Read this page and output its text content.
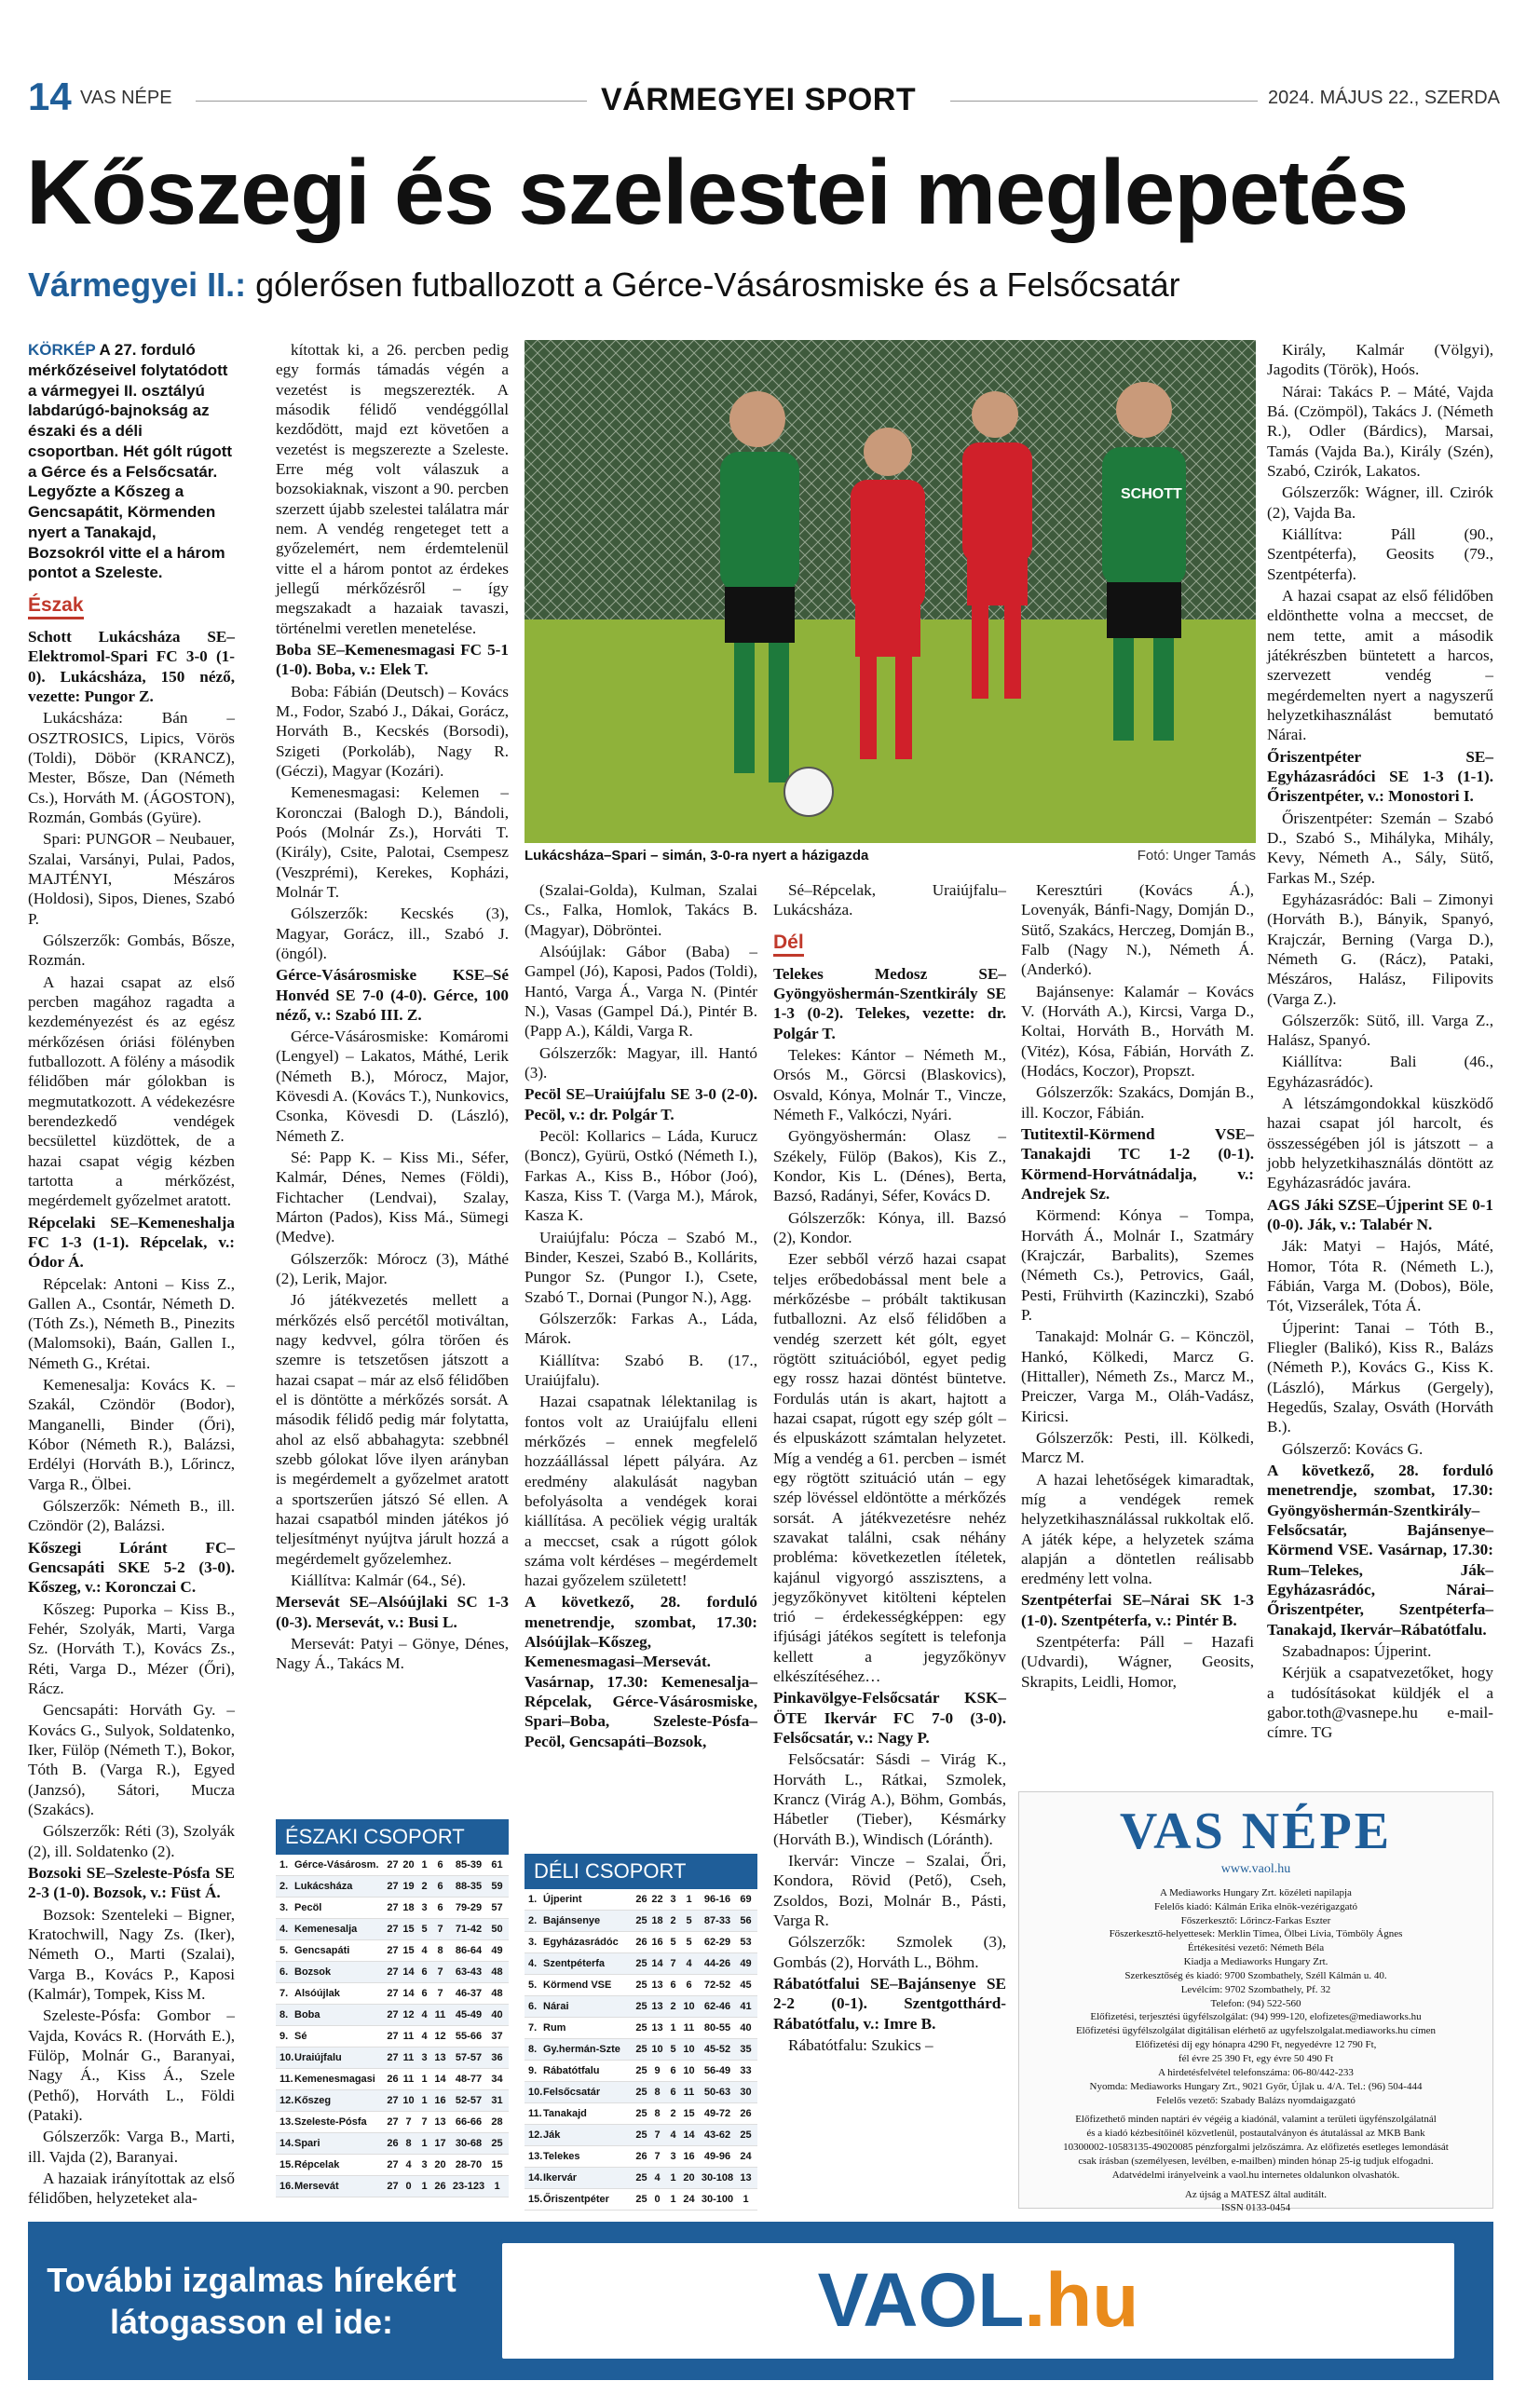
14 VAS NÉPE	VÁRMEGYEI SPORT	2024. MÁJUS 22., SZERDA
Kőszegi és szelestei meglepetés
Vármegyei II.: gólerősen futballozott a Gérce-Vásárosmiske és a Felsőcsatár

KÖRKÉP A 27. forduló mérkőzéseivel folytatódott a vármegyei II. osztályú labdarúgó-bajnokság az északi és a déli csoportban. Hét gólt rúgott a Gérce és a Felsőcsatár. Legyőzte a Kőszeg a Gencsapátit, Körmenden nyert a Tanakajd, Bozsokról vitte el a három pontot a Szeleste.

Észak

Schott Lukácsháza SE–Elektromol-Spari FC 3-0 (1-0). Lukácsháza, 150 néző, vezette: Pungor Z.

Lukácsháza: Bán – OSZTROSICS, Lipics, Vörös (Toldi), Döbör (KRANCZ), Mester, Bősze, Dan (Németh Cs.), Horváth M. (ÁGOSTON), Rozmán, Gombás (Gyüre).

Spari: PUNGOR – Neubauer, Szalai, Varsányi, Pulai, Pados, MAJTÉNYI, Mészáros (Holdosi), Sipos, Dienes, Szabó P.

Gólszerzők: Gombás, Bősze, Rozmán.

A hazai csapat az első percben magához ragadta a kezdeményezést és az egész mérkőzésen óriási fölényben futballozott. A fölény a második félidőben már gólokban is megmutatkozott. A védekezésre berendezkedő vendégek becsülettel küzdöttek, de a hazai csapat végig kézben tartotta a mérkőzést, megérdemelt győzelmet aratott.

Répcelaki SE–Kemeneshalja FC 1-3 (1-1). Répcelak, v.: Ódor Á.

Répcelak: Antoni – Kiss Z., Gallen A., Csontár, Németh D. (Tóth Zs.), Németh B., Pinezits (Malomsoki), Baán, Gallen I., Németh G., Krétai.

Kemenesalja: Kovács K. – Szakál, Czöndör (Bodor), Manganelli, Binder (Őri), Kóbor (Németh R.), Balázsi, Erdélyi (Horváth B.), Lőrincz, Varga R., Ölbei.

Gólszerzők: Németh B., ill. Czöndör (2), Balázsi.

Kőszegi Lóránt FC–Gencsapáti SKE 5-2 (3-0). Kőszeg, v.: Koronczai C.

Kőszeg: Puporka – Kiss B., Fehér, Szolyák, Marti, Varga Sz. (Horváth T.), Kovács Zs., Réti, Varga D., Mézer (Őri), Rácz.

Gencsapáti: Horváth Gy. – Kovács G., Sulyok, Soldatenko, Iker, Fülöp (Németh T.), Bokor, Tóth B. (Varga R.), Egyed (Janzsó), Sátori, Mucza (Szakács).

Gólszerzők: Réti (3), Szolyák (2), ill. Soldatenko (2).

Bozsoki SE–Szeleste-Pósfa SE 2-3 (1-0). Bozsok, v.: Füst Á.

Bozsok: Szenteleki – Bigner, Kratochwill, Nagy Zs. (Iker), Németh O., Marti (Szalai), Varga B., Kovács P., Kaposi (Kalmár), Tompek, Kiss M.

Szeleste-Pósfa: Gombor – Vajda, Kovács R. (Horváth E.), Fülöp, Molnár G., Baranyai, Nagy Á., Kiss Á., Szele (Pethő), Horváth L., Földi (Pataki).

Gólszerzők: Varga B., Marti, ill. Vajda (2), Baranyai.

A hazaiak irányítottak az első félidőben, helyzeteket ala-

kítottak ki, a 26. percben pedig egy formás támadás végén a vezetést is megszerezték. A második félidő vendéggóllal kezdődött, majd ezt követően a vezetést is megszerezte a Szeleste. Erre még volt válaszuk a bozsokiaknak, viszont a 90. percben szerzett újabb szelestei találatra már nem. A vendég rengeteget tett a győzelemért, nem érdemtelenül vitte el a három pontot az érdekes jellegű mérkőzésről – így megszakadt a hazaiak tavaszi, történelmi veretlen menetelése.

Boba SE–Kemenesmagasi FC 5-1 (1-0). Boba, v.: Elek T.

Boba: Fábián (Deutsch) – Kovács M., Fodor, Szabó J., Dákai, Gorácz, Horváth B., Kecskés (Borsodi), Szigeti (Porkoláb), Nagy R. (Géczi), Magyar (Kozári).

Kemenesmagasi: Kelemen – Koronczai (Balogh D.), Bándoli, Poós (Molnár Zs.), Horváti T. (Király), Csite, Palotai, Csempesz (Veszprémi), Kerekes, Kopházi, Molnár T.

Gólszerzők: Kecskés (3), Magyar, Gorácz, ill., Szabó J. (öngól).

Gérce-Vásárosmiske KSE–Sé Honvéd SE 7-0 (4-0). Gérce, 100 néző, v.: Szabó III. Z.

Gérce-Vásárosmiske: Komáromi (Lengyel) – Lakatos, Máthé, Lerik (Németh B.), Mórocz, Major, Kövesdi A. (Kovács T.), Nunkovics, Csonka, Kövesdi D. (László), Németh Z.

Sé: Papp K. – Kiss Mi., Séfer, Kalmár, Dénes, Nemes (Földi), Fichtacher (Lendvai), Szalay, Márton (Pados), Kiss Má., Sümegi (Medve).

Gólszerzők: Mórocz (3), Máthé (2), Lerik, Major.

Jó játékvezetés mellett a mérkőzés első percétől motiváltan, nagy kedvvel, gólra törően és szemre is tetszetősen játszott a hazai csapat – már az első félidőben el is döntötte a mérkőzés sorsát. A második félidő pedig már folytatta, ahol az első abbahagyta: szebbnél szebb gólokat lőve ilyen arányban is megérdemelt a győzelmet aratott a sportszerűen játszó Sé ellen. A hazai csapatból minden játékos jó teljesítményt nyújtva járult hozzá a megérdemelt győzelemhez.

Kiállítva: Kalmár (64., Sé).

Mersevát SE–Alsóújlaki SC 1-3 (0-3). Mersevát, v.: Busi L.

Mersevát: Patyi – Gönye, Dénes, Nagy Á., Takács M.

(Szalai-Golda), Kulman, Szalai Cs., Falka, Homlok, Takács B. (Magyar), Döbröntei.

Alsóújlak: Gábor (Baba) – Gampel (Jó), Kaposi, Pados (Toldi), Hantó, Varga Á., Varga N. (Pintér N.), Vasas (Gampel Dá.), Pintér B. (Papp A.), Káldi, Varga R.

Gólszerzők: Magyar, ill. Hantó (3).

Pecöl SE–Uraiújfalu SE 3-0 (2-0). Pecöl, v.: dr. Polgár T.

Pecöl: Kollarics – Láda, Kurucz (Boncz), Gyürü, Ostkó (Németh I.), Farkas A., Kiss B., Hóbor (Joó), Kasza, Kiss T. (Varga M.), Márok, Kasza K.

Uraiújfalu: Pócza – Szabó M., Binder, Keszei, Szabó B., Kollárits, Pungor Sz. (Pungor I.), Csete, Szabó T., Dornai (Pungor N.), Agg.

Gólszerzők: Farkas A., Láda, Márok.

Kiállítva: Szabó B. (17., Uraiújfalu).

Hazai csapatnak lélektanilag is fontos volt az Uraiújfalu elleni mérkőzés – ennek megfelelő hozzáállással lépett pályára. Az eredmény alakulását nagyban befolyásolta a vendégek korai kiállítása. A pecöliek végig uralták a meccset, csak a rúgott gólok száma volt kérdéses – megérdemelt hazai győzelem született!

A következő, 28. forduló menetrendje, szombat, 17.30: Alsóújlak–Kőszeg, Kemenesmagasi–Mersevát. Vasárnap, 17.30: Kemenesalja–Répcelak, Gérce-Vásárosmiske, Spari–Boba, Szeleste-Pósfa–Pecöl, Gencsapáti–Bozsok,

Sé–Répcelak, Uraiújfalu–Lukácsháza.

Dél

Telekes Medosz SE–Gyöngyöshermán-Szentkirály SE 1-3 (0-2). Telekes, vezette: dr. Polgár T.

Telekes: Kántor – Németh M., Orsós M., Görcsi (Blaskovics), Osvald, Kónya, Molnár T., Vincze, Németh F., Valkóczi, Nyári.

Gyöngyöshermán: Olasz – Székely, Fülöp (Bakos), Kis Z., Kondor, Kis L. (Dénes), Berta, Bazsó, Radányi, Séfer, Kovács D.

Gólszerzők: Kónya, ill. Bazsó (2), Kondor.

Ezer sebből vérző hazai csapat teljes erőbedobással ment bele a mérkőzésbe – próbált taktikusan futballozni. Az első félidőben a vendég szerzett két gólt, egyet rögtött szituációból, egyet pedig egy rossz hazai döntést büntetve. Fordulás után is akart, hajtott a hazai csapat, rúgott egy szép gólt – és elpuskázott számtalan helyzetet. Míg a vendég a 61. percben – ismét egy rögtött szituáció után – egy szép lövéssel eldöntötte a mérkőzés sorsát. A játékvezetésre nehéz szavakat találni, csak néhány probléma: következetlen ítéletek, kajánul vigyorgó asszisztens, a jegyzőkönyvet kitölteni képtelen trió – érdekességképpen: egy ifjúsági játékos segített is telefonja kellett a jegyzőkönyv elkészítéséhez…

Pinkavölgye-Felsőcsatár KSK–ÖTE Ikervár FC 7-0 (3-0). Felsőcsatár, v.: Nagy P.

Felsőcsatár: Sásdi – Virág K., Horváth L., Rátkai, Szmolek, Krancz (Virág A.), Böhm, Gombás, Hábetler (Tieber), Késmárky (Horváth B.), Windisch (Lóránth).

Ikervár: Vincze – Szalai, Őri, Kondora, Rövid (Pető), Cseh, Zsoldos, Bozi, Molnár B., Pásti, Varga R.

Gólszerzők: Szmolek (3), Gombás (2), Horváth L., Böhm.

Rábatótfalui SE–Bajánsenye SE 2-2 (0-1). Szentgotthárd-Rábatótfalu, v.: Imre B.

Rábatótfalu: Szukics –

Keresztúri (Kovács Á.), Lovenyák, Bánfi-Nagy, Domján D., Sütő, Szakács, Herczeg, Domján B., Falb (Nagy N.), Németh Á. (Anderkó).

Bajánsenye: Kalamár – Kovács V. (Horváth A.), Kircsi, Varga D., Koltai, Horváth B., Horváth M. (Vitéz), Kósa, Fábián, Horváth Z. (Hodács, Koczor), Propszt.

Gólszerzők: Szakács, Domján B., ill. Koczor, Fábián.

Tutitextil-Körmend VSE–Tanakajdi TC 1-2 (0-1). Körmend-Horvátnádalja, v.: Andrejek Sz.

Körmend: Kónya – Tompa, Horváth Á., Molnár I., Szatmáry (Krajczár, Barbalits), Szemes (Németh Cs.), Petrovics, Gaál, Pesti, Frühvirth (Kazinczki), Szabó P.

Tanakajd: Molnár G. – Könczöl, Hankó, Kölkedi, Marcz G. (Hittaller), Németh Zs., Marcz M., Preiczer, Varga M., Oláh-Vadász, Kiricsi.

Gólszerzők: Pesti, ill. Kölkedi, Marcz M.

A hazai lehetőségek kimaradtak, míg a vendégek remek helyzetkihasználással rukkoltak elő. A játék képe, a helyzetek száma alapján a döntetlen reálisabb eredmény lett volna.

Szentpéterfai SE–Nárai SK 1-3 (1-0). Szentpéterfa, v.: Pintér B.

Szentpéterfa: Páll – Hazafi (Udvardi), Wágner, Geosits, Skrapits, Leidli, Homor,

Király, Kalmár (Völgyi), Jagodits (Török), Hoós.

Nárai: Takács P. – Máté, Vajda Bá. (Czömpöl), Takács J. (Németh R.), Odler (Bárdics), Marsai, Tamás (Vajda Ba.), Király (Szén), Szabó, Czirók, Lakatos.

Gólszerzők: Wágner, ill. Czirók (2), Vajda Ba.

Kiállítva: Páll (90., Szentpéterfa), Geosits (79., Szentpéterfa).

A hazai csapat az első félidőben eldönthette volna a meccset, de nem tette, amit a második játékrészben büntetett a harcos, szervezett vendég – megérdemelten nyert a nagyszerű helyzetkihasználást bemutató Nárai.

Őriszentpéter SE–Egyházasrádóci SE 1-3 (1-1). Őriszentpéter, v.: Monostori I.

Őriszentpéter: Szemán – Szabó D., Szabó S., Mihálykа, Mihály, Kevy, Németh A., Sály, Sütő, Farkas M., Szép.

Egyházasrádóc: Bali – Zimonyi (Horváth B.), Bányik, Spanyó, Krajczár, Berning (Varga D.), Németh G. (Rácz), Pataki, Mészáros, Halász, Filipovits (Varga Z.).

Gólszerzők: Sütő, ill. Varga Z., Halász, Spanyó.

Kiállítva: Bali (46., Egyházasrádóc).

A létszámgondokkal küszködő hazai csapat jól harcolt, és összességében jól is játszott – a jobb helyzetkihasználás döntött az Egyházasrádóc javára.

AGS Jáki SZSE–Újperint SE 0-1 (0-0). Ják, v.: Talabér N.

Ják: Matyi – Hajós, Máté, Homor, Tóta R. (Németh L.), Fábián, Varga M. (Dobos), Böle, Tót, Vizserálek, Tóta Á.

Újperint: Tanai – Tóth B., Fliegler (Balikó), Kiss R., Balázs (Németh P.), Kovács G., Kiss K. (László), Márkus (Gergely), Hegedűs, Szalay, Osváth (Horváth B.).

Gólszerző: Kovács G.

A következő, 28. forduló menetrendje, szombat, 17.30: Gyöngyöshermán-Szentkirály–Felsőcsatár, Bajánsenye–Körmend VSE. Vasárnap, 17.30: Rum–Telekes, Ják–Egyházasrádóc, Nárai–Őriszentpéter, Szentpéterfa–Tanakajd, Ikervár–Rábatótfalu.

Szabadnapos: Újperint.

Kérjük a csapatvezetőket, hogy a tudósításokat küldjék el a gabor.toth@vasnepe.hu e-mail-címre. TG

SCHOTT
Lukácsháza–Spari – simán, 3-0-ra nyert a házigazda	Fotó: Unger Tamás
ÉSZAKI CSOPORT
1. Gérce-Vásárosm. 27 20 1 6	85-39 61
2. Lukácsháza	27 19 2 6	88-35 59
3. Pecöl	27 18 3 6	79-29 57
4. Kemenesalja	27 15 5 7	71-42 50
5. Gencsapáti	27 15 4 8	86-64 49
6. Bozsok	27 14 6 7	63-43 48
7. Alsóújlak	27 14 6 7	46-37 48
8. Boba	27 12 4 11 45-49 40
9. Sé	27 11 4 12 55-66 37
10. Uraiújfalu	27 11 3 13 57-57 36
11. Kemenesmagasi	26 11 1 14 48-77 34
12. Kőszeg	27 10 1 16 52-57 31
13. Szeleste-Pósfa	27 7 7 13 66-66 28
14. Spari	26 8 1 17 30-68 25
15. Répcelak	27 4 3 20 28-70 15
16. Mersevát	27 0 1 26 23-123 1
DÉLI CSOPORT
1. Újperint	26 22 3 1	96-16 69
2. Bajánsenye	25 18 2 5	87-33 56
3. Egyházasrádóc	26 16 5 5	62-29 53
4. Szentpéterfa	25 14 7 4	44-26 49
5. Körmend VSE	25 13 6 6	72-52 45
6. Nárai	25 13 2 10 62-46 41
7. Rum	25 13 1 11 80-55 40
8. Gy.hermán-Szte	25 10 5 10 45-52 35
9. Rábatótfalu	25 9 6 10 56-49 33
10. Felsőcsatár	25 8 6 11 50-63 30
11. Tanakajd	25 8 2 15 49-72 26
12. Ják	25 7 4 14 43-62 25
13. Telekes	26 7 3 16 49-96 24
14. Ikervár	25 4 1 20 30-108 13
15. Őriszentpéter	25 0 1 24 30-100 1
VAS NÉPE
www.vaol.hu
A Mediaworks Hungary Zrt. közéleti napilapja
Felelős kiadó: Kálmán Erika elnök-vezérigazgató
Főszerkesztő: Lőrincz-Farkas Eszter
Főszerkesztő-helyettesek: Merklin Tímea, Ölbei Lívia, Tömböly Ágnes
Értékesítési vezető: Németh Béla
Kiadja a Mediaworks Hungary Zrt.
Szerkesztőség és kiadó: 9700 Szombathely, Széll Kálmán u. 40.
Levélcím: 9702 Szombathely, Pf. 32
Telefon: (94) 522-560
Előfizetési, terjesztési ügyfélszolgálat: (94) 999-120, elofizetes@mediaworks.hu
Előfizetési ügyfélszolgálat digitálisan elérhető az ugyfelszolgalat.mediaworks.hu címen
Előfizetési díj egy hónapra 4290 Ft, negyedévre 12 790 Ft,
fél évre 25 390 Ft, egy évre 50 490 Ft
A hirdetésfelvétel telefonszáma: 06-80/442-233
Nyomda: Mediaworks Hungary Zrt., 9021 Győr, Újlak u. 4/A. Tel.: (96) 504-444
Felelős vezető: Szabady Balázs nyomdaigazgató
Előfizethető minden naptári év végéig a kiadónál, valamint a területi ügyfénszolgálatnál
és a kiadó kézbesítőinél közvetlenül, postautalványon és átutalással az MKB Bank
10300002-10583135-49020085 pénzforgalmi jelzőszámra. Az előfizetés esetleges lemondását
csak írásban (személyesen, levélben, e-mailben) minden hónap 25-ig tudjuk elfogadni.
Adatvédelmi irányelveink a vaol.hu internetes oldalunkon olvashatók.
Az újság a MATESZ által auditált.
ISSN 0133-0454
További izgalmas hírekért látogasson el ide:	VAOL .hu
